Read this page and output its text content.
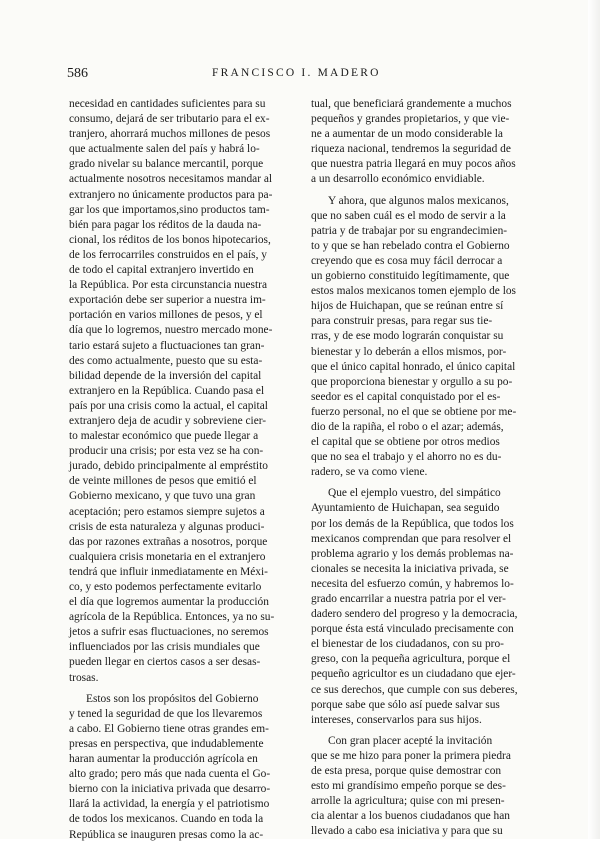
586	FRANCISCO I. MADERO
necesidad en cantidades suficientes para su
consumo, dejará de ser tributario para el ex-
tranjero, ahorrará muchos millones de pesos
que actualmente salen del país y habrá lo-
grado nivelar su balance mercantil, porque
actualmente nosotros necesitamos mandar al
extranjero no únicamente productos para pa-
gar los que importamos,sino productos tam-
bién para pagar los réditos de la dauda na-
cional, los réditos de los bonos hipotecarios,
de los ferrocarriles construidos en el país, y
de todo el capital extranjero invertido en
la República. Por esta circunstancia nuestra
exportación debe ser superior a nuestra im-
portación en varios millones de pesos, y el
día que lo logremos, nuestro mercado mone-
tario estará sujeto a fluctuaciones tan gran-
des como actualmente, puesto que su esta-
bilidad depende de la inversión del capital
extranjero en la República. Cuando pasa el
país por una crisis como la actual, el capital
extranjero deja de acudir y sobreviene cier-
to malestar económico que puede llegar a
producir una crisis; por esta vez se ha con-
jurado, debido principalmente al empréstito
de veinte millones de pesos que emitió el
Gobierno mexicano, y que tuvo una gran
aceptación; pero estamos siempre sujetos a
crisis de esta naturaleza y algunas produci-
das por razones extrañas a nosotros, porque
cualquiera crisis monetaria en el extranjero
tendrá que influir inmediatamente en Méxi-
co, y esto podemos perfectamente evitarlo
el día que logremos aumentar la producción
agrícola de la República. Entonces, ya no su-
jetos a sufrir esas fluctuaciones, no seremos
influenciados por las crisis mundiales que
pueden llegar en ciertos casos a ser desas-
trosas.
Estos son los propósitos del Gobierno
y tened la seguridad de que los llevaremos
a cabo. El Gobierno tiene otras grandes em-
presas en perspectiva, que indudablemente
haran aumentar la producción agrícola en
alto grado; pero más que nada cuenta el Go-
bierno con la iniciativa privada que desarro-
llará la actividad, la energía y el patriotismo
de todos los mexicanos. Cuando en toda la
República se inauguren presas como la ac-
tual, que beneficiará grandemente a muchos
pequeños y grandes propietarios, y que vie-
ne a aumentar de un modo considerable la
riqueza nacional, tendremos la seguridad de
que nuestra patria llegará en muy pocos años
a un desarrollo económico envidiable.
Y ahora, que algunos malos mexicanos,
que no saben cuál es el modo de servir a la
patria y de trabajar por su engrandecimien-
to y que se han rebelado contra el Gobierno
creyendo que es cosa muy fácil derrocar a
un gobierno constituido legítimamente, que
estos malos mexicanos tomen ejemplo de los
hijos de Huichapan, que se reúnan entre sí
para construir presas, para regar sus tie-
rras, y de ese modo lograrán conquistar su
bienestar y lo deberán a ellos mismos, por-
que el único capital honrado, el único capital
que proporciona bienestar y orgullo a su po-
seedor es el capital conquistado por el es-
fuerzo personal, no el que se obtiene por me-
dio de la rapiña, el robo o el azar; además,
el capital que se obtiene por otros medios
que no sea el trabajo y el ahorro no es du-
radero, se va como viene.
Que el ejemplo vuestro, del simpático
Ayuntamiento de Huichapan, sea seguido
por los demás de la República, que todos los
mexicanos comprendan que para resolver el
problema agrario y los demás problemas na-
cionales se necesita la iniciativa privada, se
necesita del esfuerzo común, y habremos lo-
grado encarrilar a nuestra patria por el ver-
dadero sendero del progreso y la democracia,
porque ésta está vinculado precisamente con
el bienestar de los ciudadanos, con su pro-
greso, con la pequeña agricultura, porque el
pequeño agricultor es un ciudadano que ejer-
ce sus derechos, que cumple con sus deberes,
porque sabe que sólo así puede salvar sus
intereses, conservarlos para sus hijos.
Con gran placer acepté la invitación
que se me hizo para poner la primera piedra
de esta presa, porque quise demostrar con
esto mi grandísimo empeño porque se des-
arrolle la agricultura; quise con mi presen-
cia alentar a los buenos ciudadanos que han
llevado a cabo esa iniciativa y para que su
